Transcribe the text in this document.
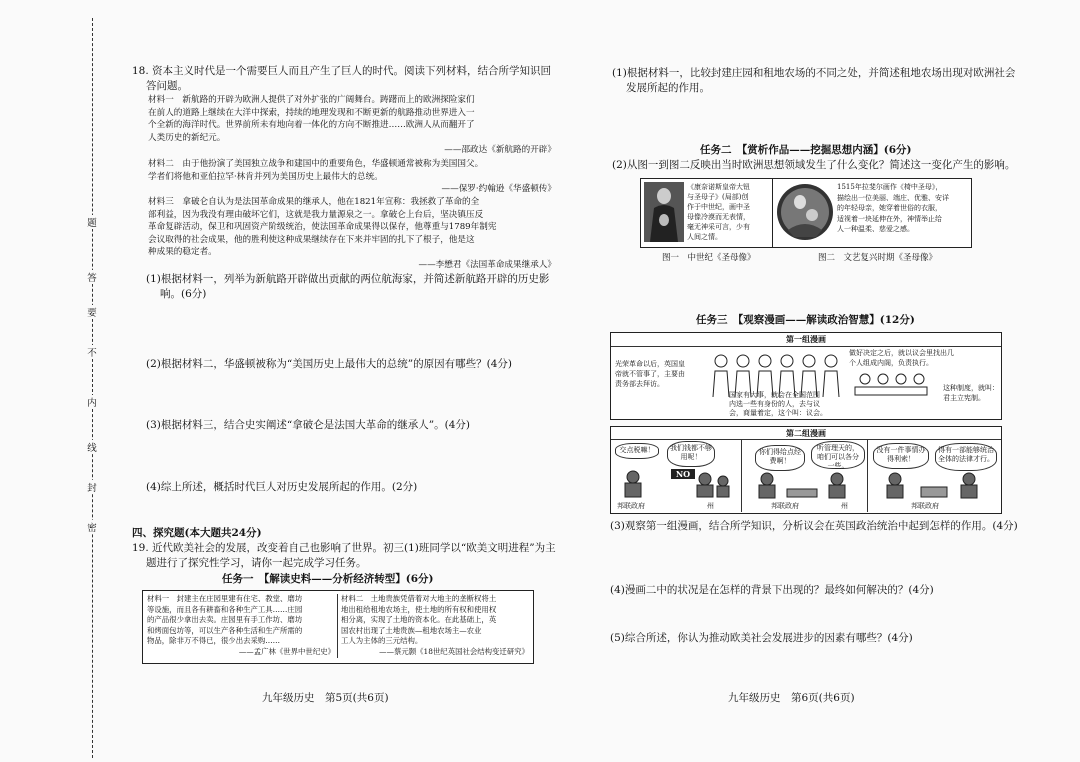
题
答
要
不
内
线
封
密
18. 资本主义时代是一个需要巨人而且产生了巨人的时代。阅读下列材料，结合所学知识回
答问题。
材料一　新航路的开辟为欧洲人提供了对外扩张的广阔舞台。踌躇而上的欧洲探险家们
在前人的道路上继续在大洋中探索，持续的地理发现和不断更新的航路推动世界进入一
个全新的海洋时代。世界前所未有地向着一体化的方向不断推进……欧洲人从而翻开了
人类历史的新纪元。
——邵政达《新航路的开辟》
材料二　由于他扮演了美国独立战争和建国中的重要角色，华盛顿通常被称为美国国父。
学者们将他和亚伯拉罕·林肯并列为美国历史上最伟大的总统。
——保罗·约翰逊《华盛顿传》
材料三　拿破仑自认为是法国革命成果的继承人，他在1821年宣称：我拯救了革命的全
部利益，因为我没有理由破坏它们，这就是我力量源泉之一。拿破仑上台后，坚决镇压反
革命复辟活动，保卫和巩固资产阶级统治，使法国革命成果得以保存，他尊重与1789年制宪
会议取得的社会成果，他的胜利使这种成果继续存在下来并牢固的扎下了根子，他是这
种成果的稳定者。
——李懋君《法国革命成果继承人》
(1)根据材料一，列举为新航路开辟做出贡献的两位航海家，并简述新航路开辟的历史影
响。(6分)
(2)根据材料二，华盛顿被称为“美国历史上最伟大的总统”的原因有哪些？(4分)
(3)根据材料三，结合史实阐述“拿破仑是法国大革命的继承人”。(4分)
(4)综上所述，概括时代巨人对历史发展所起的作用。(2分)
四、探究题(本大题共24分)
19. 近代欧美社会的发展，改变着自己也影响了世界。初三(1)班同学以“欧美文明进程”为主
题进行了探究性学习，请你一起完成学习任务。
任务一　【解读史料——分析经济转型】(6分)
材料一　封建主在庄园里建有住宅、教堂、磨坊
等设施，而且各有耕畜和各种生产工具……庄园
的产品很少拿出去卖。庄园里有手工作坊、磨坊
和烤面包坊等，可以生产各种生活和生产所需的
物品，除非万不得已，很少出去采购……
——孟广林《世界中世纪史》
材料二　土地贵族凭借着对大地主的垄断权将土
地出租给租地农场主，使土地的所有权和使用权
相分离，实现了土地的资本化。在此基础上，英
国农村出现了土地贵族—租地农场主—农业
工人为主体的三元结构。
——蔡元颢《18世纪英国社会结构变迁研究》
九年级历史　第5页(共6页)
(1)根据材料一，比较封建庄园和租地农场的不同之处，并简述租地农场出现对欧洲社会
发展所起的作用。
任务二　【赏析作品——挖掘思想内涵】(6分)
(2)从图一到图二反映出当时欧洲思想领域发生了什么变化？简述这一变化产生的影响。
《康奈诺斯皇帝大钮
与圣母子》(局部)创
作于中世纪，画中圣
母像冷漠而无表情，
毫无神采可言，少有
人间之情。
1515年拉斐尔画作《椅中圣母》，
描绘出一位美丽、端庄、优雅、安详
的年轻母亲，她穿着世俗的衣服，
适视着一块延伸在外，神情举止给
人一种温柔、慈爱之感。
图一　中世纪《圣母像》	图二　文艺复兴时期《圣母像》
任务三　【观察漫画——解读政治智慧】(12分)
第一组漫画
光荣革命以后，英国皇
帝就不管事了，主要由
责务部去拜访。
做好决定之后，就以议会里找出几
个人组成内阁，负责执行。
国家有大事，就会在全国范围
内选一些有身份的人，去与议
会，商量着定，这个叫：议会。
这种制度，就叫：
君主立宪制。
第二组漫画
交点税嘛！	我们钱都不够用呢！
你们得给点经费啊！
听管理天的，咱们可以各分一些。
没有一件事情办得利索！
得有一部能够统治全体的法律才行。
NO
邦联政府	州	邦联政府	州	邦联政府
(3)观察第一组漫画，结合所学知识，分析议会在英国政治统治中起到怎样的作用。(4分)
(4)漫画二中的状况是在怎样的背景下出现的？最终如何解决的？(4分)
(5)综合所述，你认为推动欧美社会发展进步的因素有哪些？(4分)
九年级历史　第6页(共6页)
